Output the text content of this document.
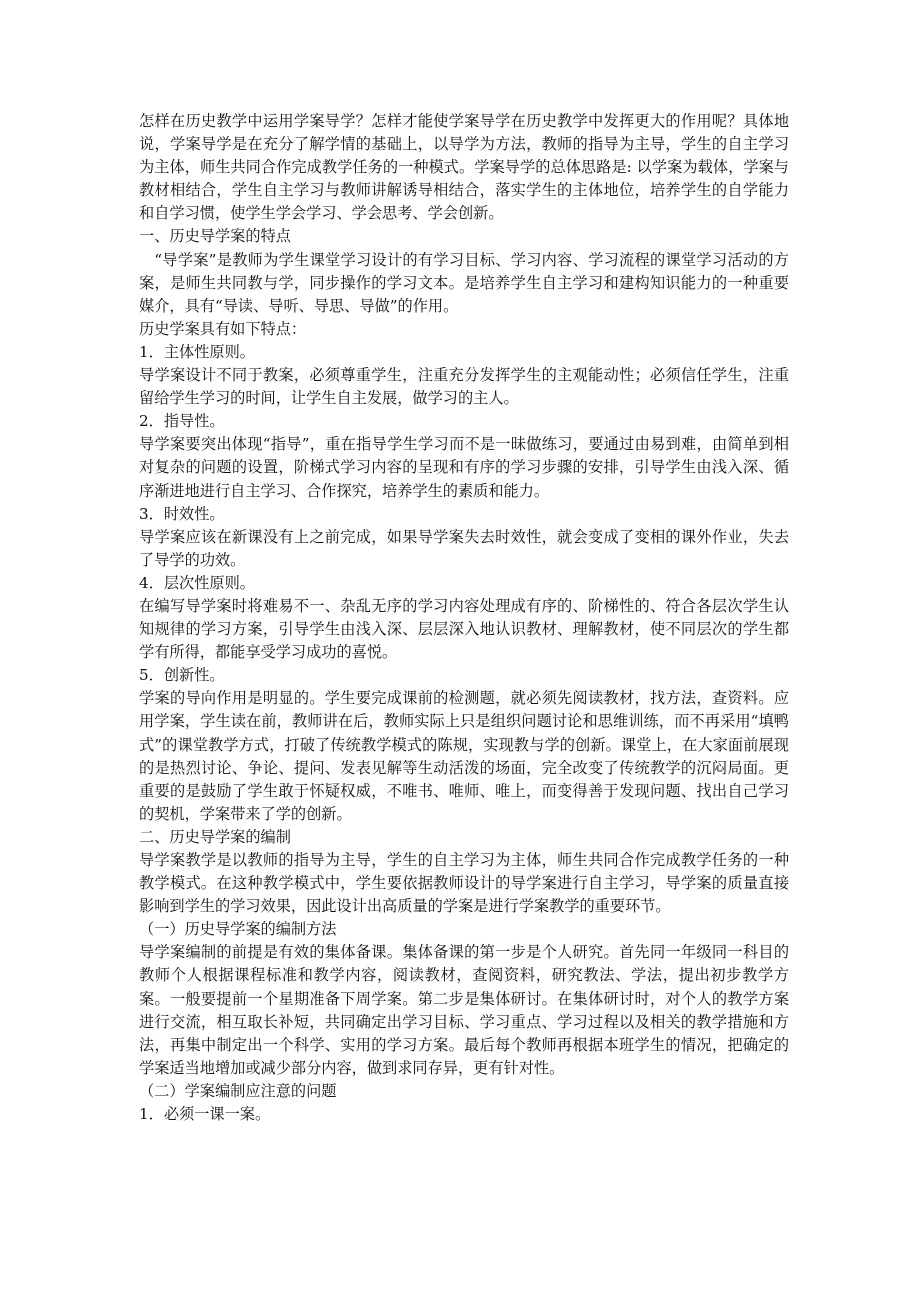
怎样在历史教学中运用学案导学？怎样才能使学案导学在历史教学中发挥更大的作用呢？具体地说，学案导学是在充分了解学情的基础上，以导学为方法，教师的指导为主导，学生的自主学习为主体，师生共同合作完成教学任务的一种模式。学案导学的总体思路是: 以学案为载体，学案与教材相结合，学生自主学习与教师讲解诱导相结合，落实学生的主体地位，培养学生的自学能力和自学习惯，使学生学会学习、学会思考、学会创新。

一、历史导学案的特点

“导学案”是教师为学生课堂学习设计的有学习目标、学习内容、学习流程的课堂学习活动的方案，是师生共同教与学，同步操作的学习文本。是培养学生自主学习和建构知识能力的一种重要媒介，具有“导读、导听、导思、导做”的作用。

历史学案具有如下特点：

1．主体性原则。

导学案设计不同于教案，必须尊重学生，注重充分发挥学生的主观能动性；必须信任学生，注重留给学生学习的时间，让学生自主发展，做学习的主人。

2．指导性。

导学案要突出体现“指导”，重在指导学生学习而不是一昧做练习，要通过由易到难，由简单到相对复杂的问题的设置，阶梯式学习内容的呈现和有序的学习步骤的安排，引导学生由浅入深、循序渐进地进行自主学习、合作探究，培养学生的素质和能力。

3．时效性。

导学案应该在新课没有上之前完成，如果导学案失去时效性，就会变成了变相的课外作业，失去了导学的功效。

4．层次性原则。

在编写导学案时将难易不一、杂乱无序的学习内容处理成有序的、阶梯性的、符合各层次学生认知规律的学习方案，引导学生由浅入深、层层深入地认识教材、理解教材，使不同层次的学生都学有所得，都能享受学习成功的喜悦。

5．创新性。

学案的导向作用是明显的。学生要完成课前的检测题，就必须先阅读教材，找方法，查资料。应用学案，学生读在前，教师讲在后，教师实际上只是组织问题讨论和思维训练，而不再采用“填鸭式”的课堂教学方式，打破了传统教学模式的陈规，实现教与学的创新。课堂上，在大家面前展现的是热烈讨论、争论、提问、发表见解等生动活泼的场面，完全改变了传统教学的沉闷局面。更重要的是鼓励了学生敢于怀疑权威，不唯书、唯师、唯上，而变得善于发现问题、找出自己学习的契机，学案带来了学的创新。

二、历史导学案的编制

导学案教学是以教师的指导为主导，学生的自主学习为主体，师生共同合作完成教学任务的一种教学模式。在这种教学模式中，学生要依据教师设计的导学案进行自主学习，导学案的质量直接影响到学生的学习效果，因此设计出高质量的学案是进行学案教学的重要环节。

（一）历史导学案的编制方法

导学案编制的前提是有效的集体备课。集体备课的第一步是个人研究。首先同一年级同一科目的教师个人根据课程标准和教学内容，阅读教材，查阅资料，研究教法、学法，提出初步教学方案。一般要提前一个星期准备下周学案。第二步是集体研讨。在集体研讨时，对个人的教学方案进行交流，相互取长补短，共同确定出学习目标、学习重点、学习过程以及相关的教学措施和方法，再集中制定出一个科学、实用的学习方案。最后每个教师再根据本班学生的情况，把确定的学案适当地增加或减少部分内容，做到求同存异，更有针对性。

（二）学案编制应注意的问题

1．必须一课一案。
